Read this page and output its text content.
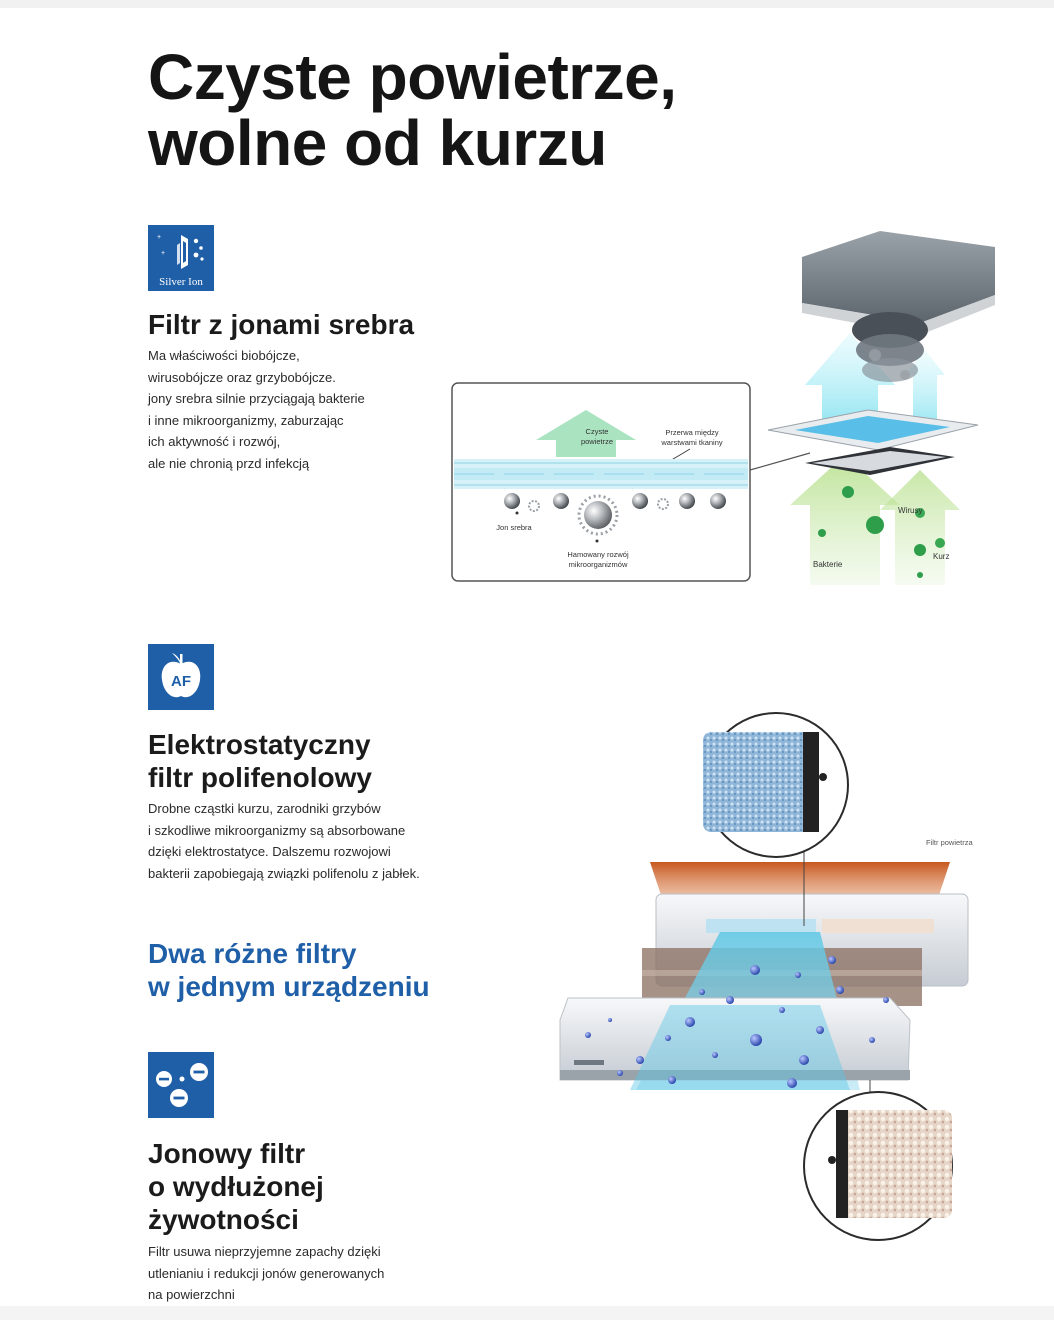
Czyste powietrze,
wolne od kurzu
+
+
Silver Ion
Filtr z jonami srebra
Ma właściwości biobójcze,
wirusobójcze oraz grzybobójcze.
jony srebra silnie przyciągają bakterie
i inne mikroorganizmy, zaburzając
ich aktywność i rozwój,
ale nie chronią przd infekcją
Wirusy
Bakterie
Kurz
Czyste
powietrze
Przerwa między
warstwami tkaniny
Jon srebra
Hamowany rozwój
mikroorganizmów
AF
Elektrostatyczny
filtr polifenolowy
Drobne cząstki kurzu, zarodniki grzybów
i szkodliwe mikroorganizmy są absorbowane
dzięki elektrostatyce. Dalszemu rozwojowi
bakterii zapobiegają związki polifenolu z jabłek.
Dwa różne filtry
w jednym urządzeniu
Jonowy filtr
o wydłużonej
żywotności
Filtr usuwa nieprzyjemne zapachy dzięki
utlenianiu i redukcji jonów generowanych
na powierzchni
Filtr powietrza
